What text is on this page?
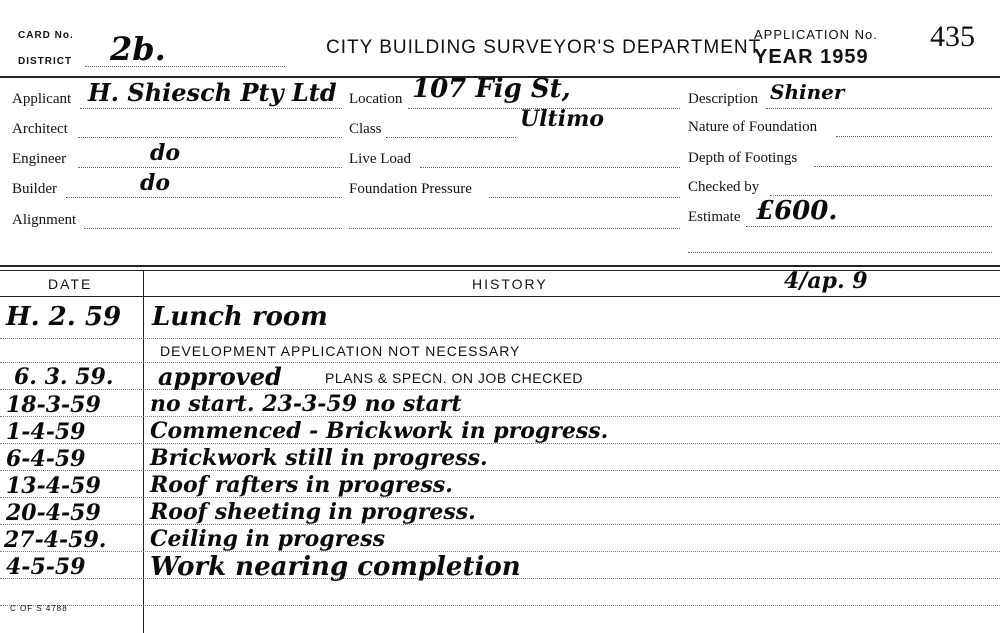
CARD No.
DISTRICT 2b.	CITY BUILDING SURVEYOR'S DEPARTMENT
APPLICATION No.
YEAR 1959
435
Applicant H. Shiesch Pty Ltd
Architect
Engineer	do
Builder	do
Alignment
Location 107 Fig St,
Ultimo
Class
Live Load
Foundation Pressure
Description Shiner
Nature of Foundation
Depth of Footings
Checked by
Estimate £600.
DATE	HISTORY	4/ap. 9
H. 2. 59 Lunch room
DEVELOPMENT APPLICATION NOT NECESSARY
6. 3. 59. approved	PLANS & SPECN. ON JOB CHECKED
18-3-59 no start. 23-3-59 no start
1-4-59	Commenced - Brickwork in progress.
6-4-59	Brickwork still in progress.
13-4-59 Roof rafters in progress.
20-4-59 Roof sheeting in progress.
27-4-59. Ceiling in progress
4-5-59 Work nearing completion
C OF S 4788
